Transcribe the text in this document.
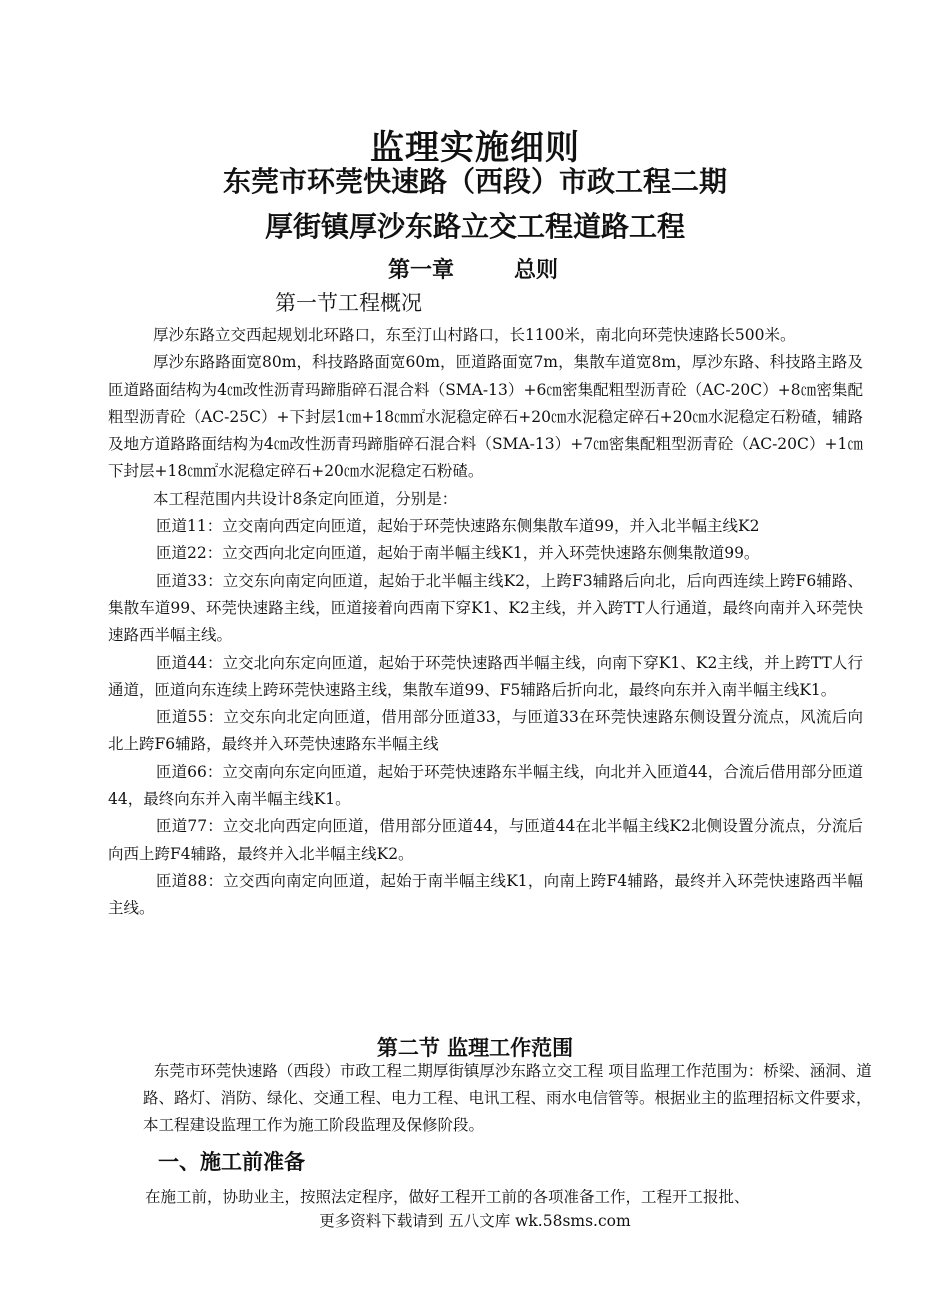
监理实施细则
东莞市环莞快速路（西段）市政工程二期
厚街镇厚沙东路立交工程道路工程
第一章	总则
第一节工程概况

厚沙东路立交西起规划北环路口，东至汀山村路口，长1100米，南北向环莞快速路长500米。

厚沙东路路面宽80m，科技路路面宽60m，匝道路面宽7m，集散车道宽8m，厚沙东路、科技路主路及匝道路面结构为4㎝改性沥青玛蹄脂碎石混合料（SMA-13）+6㎝密集配粗型沥青砼（AC-20C）+8㎝密集配粗型沥青砼（AC-25C）+下封层1㎝+18㎝㎡水泥稳定碎石+20㎝水泥稳定碎石+20㎝水泥稳定石粉碴，辅路及地方道路路面结构为4㎝改性沥青玛蹄脂碎石混合料（SMA-13）+7㎝密集配粗型沥青砼（AC-20C）+1㎝下封层+18㎝㎡水泥稳定碎石+20㎝水泥稳定石粉碴。

本工程范围内共设计8条定向匝道，分别是：

匝道11：立交南向西定向匝道，起始于环莞快速路东侧集散车道99，并入北半幅主线K2

匝道22：立交西向北定向匝道，起始于南半幅主线K1，并入环莞快速路东侧集散道99。

匝道33：立交东向南定向匝道，起始于北半幅主线K2，上跨F3辅路后向北，后向西连续上跨F6辅路、集散车道99、环莞快速路主线，匝道接着向西南下穿K1、K2主线，并入跨TT人行通道，最终向南并入环莞快速路西半幅主线。

匝道44：立交北向东定向匝道，起始于环莞快速路西半幅主线，向南下穿K1、K2主线，并上跨TT人行通道，匝道向东连续上跨环莞快速路主线，集散车道99、F5辅路后折向北，最终向东并入南半幅主线K1。

匝道55：立交东向北定向匝道，借用部分匝道33，与匝道33在环莞快速路东侧设置分流点，风流后向北上跨F6辅路，最终并入环莞快速路东半幅主线

匝道66：立交南向东定向匝道，起始于环莞快速路东半幅主线，向北并入匝道44，合流后借用部分匝道44，最终向东并入南半幅主线K1。

匝道77：立交北向西定向匝道，借用部分匝道44，与匝道44在北半幅主线K2北侧设置分流点，分流后向西上跨F4辅路，最终并入北半幅主线K2。

匝道88：立交西向南定向匝道，起始于南半幅主线K1，向南上跨F4辅路，最终并入环莞快速路西半幅主线。

第二节 监理工作范围

东莞市环莞快速路（西段）市政工程二期厚街镇厚沙东路立交工程 项目监理工作范围为：桥梁、涵洞、道路、路灯、消防、绿化、交通工程、电力工程、电讯工程、雨水电信管等。根据业主的监理招标文件要求，本工程建设监理工作为施工阶段监理及保修阶段。

一、施工前准备
在施工前，协助业主，按照法定程序，做好工程开工前的各项准备工作，工程开工报批、
更多资料下载请到 五八文库 wk.58sms.com
